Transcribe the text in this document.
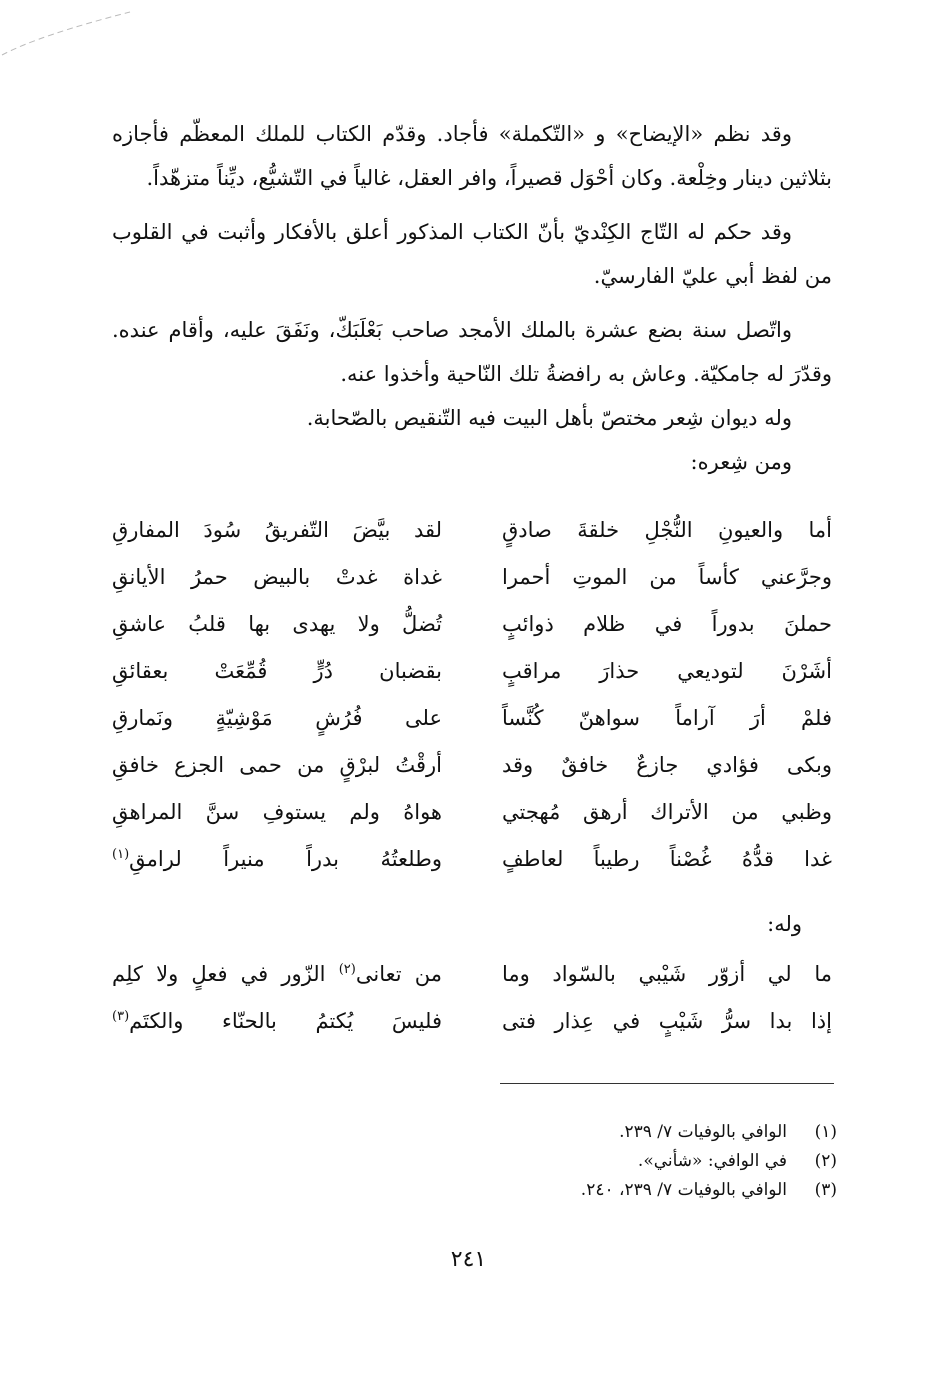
وقد نظم «الإيضاح» و «التّكملة» فأجاد. وقدّم الكتاب للملك المعظّم فأجازه بثلاثين دينار وخِلْعة. وكان أحْوَل قصيراً، وافر العقل، غالياً في التّشيُّع، ديِّناً متزهّداً.

وقد حكم له التّاج الكِنْديّ بأنّ الكتاب المذكور أعلق بالأفكار وأثبت في القلوب من لفظ أبي عليّ الفارسيّ.

واتّصل سنة بضع عشرة بالملك الأمجد صاحب بَعْلَبَكّ، ونَفَقَ عليه، وأقام عنده. وقدّرَ له جامكيّة. وعاش به رافضةُ تلك النّاحية وأخذوا عنه.

وله ديوان شِعر مختصّ بأهل البيت فيه التّنقيص بالصّحابة.

ومن شِعره:

أما والعيونِ النُّجْلِ خلقةَ صادقٍ
لقد بيَّضَ التّفريقُ سُودَ المفارقِ
وجرَّعني كأساً من الموتِ أحمرا
غداة غدتْ بالبيض حمرُ الأيانقِ
حملنَ بدوراً في ظلام ذوائبٍ
تُضلُّ ولا يهدى بها قلبُ عاشقِ
أشَرْنَ لتوديعي حذارَ مراقبٍ
بقضبان دُرٍّ قُمِّعَتْ بعقائقِ
فلمْ أرَ آراماً سواهنّ كُنَّساً
على فُرُشٍ مَوْشِيّةٍ ونَمارقِ
وبكى فؤادي جازعٌ خافقٌ وقد
أرقْتُ لبرْقٍ من حمى الجزع خافقِ
وظبي من الأتراك أرهق مُهجتي
هواهُ ولم يستوفِ سنَّ المراهقِ
غدا قدُّهُ غُصْناً رطيباً لعاطفٍ
وطلعتُهُ بدراً منيراً لرامقِ$^{(١)}$
وله:
ما لي أزوّر شَيْبي بالسّواد وما
من تعانى$^{(٢)}$ الزّور في فعلٍ ولا كلِم
إذا بدا سرُّ شَيْبٍ في عِذار فتى
فليسَ يُكتمُ بالحنّاء والكتَم$^{(٣)}$
(١)
الوافي بالوفيات ٧/ ٢٣٩.
(٢)
في الوافي: «شأني».
(٣)
الوافي بالوفيات ٧/ ٢٣٩، ٢٤٠.
٢٤١
